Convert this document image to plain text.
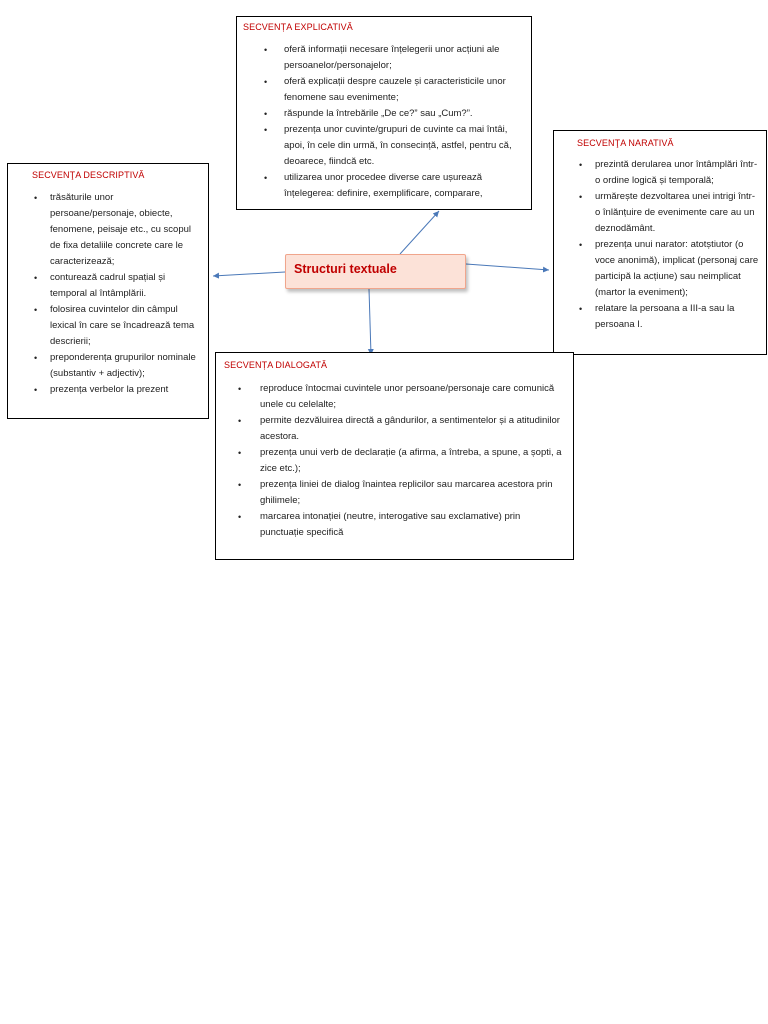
SECVENȚA EXPLICATIVĂ
• oferă informații necesare înțelegerii unor acțiuni ale persoanelor/personajelor;
• oferă explicații despre cauzele și caracteristicile unor fenomene sau evenimente;
• răspunde la întrebările „De ce?” sau „Cum?”.
• prezența unor cuvinte/grupuri de cuvinte ca mai întâi, apoi, în cele din urmă, în consecință, astfel, pentru că, deoarece, fiindcă etc.
• utilizarea unor procedee diverse care ușurează înțelegerea: definire, exemplificare, comparare,
SECVENŢA DESCRIPTIVĂ
• trăsăturile unor persoane/personaje, obiecte, fenomene, peisaje etc., cu scopul de fixa detaliile concrete care le caracterizează;
• conturează cadrul spațial și temporal al întâmplării.
• folosirea cuvintelor din câmpul lexical în care se încadrează tema descrierii;
• preponderența grupurilor nominale (substantiv + adjectiv);
• prezența verbelor la prezent
SECVENŢA NARATIVĂ
• prezintă derularea unor întâmplări într-o ordine logică și temporală;
• urmărește dezvoltarea unei intrigi într-o înlănțuire de evenimente care au un deznodământ.
• prezența unui narator: atotștiutor (o voce anonimă), implicat (personaj care participă la acțiune) sau neimplicat (martor la eveniment);
• relatare la persoana a III-a sau la persoana I.
SECVENȚA DIALOGATĂ
• reproduce întocmai cuvintele unor persoane/personaje care comunică unele cu celelalte;
• permite dezvăluirea directă a gândurilor, a sentimentelor și a atitudinilor acestora.
• prezența unui verb de declarație (a afirma, a întreba, a spune, a șopti, a zice etc.);
• prezența liniei de dialog înaintea replicilor sau marcarea acestora prin ghilimele;
• marcarea intonației (neutre, interogative sau exclamative) prin punctuație specifică
Structuri textuale
